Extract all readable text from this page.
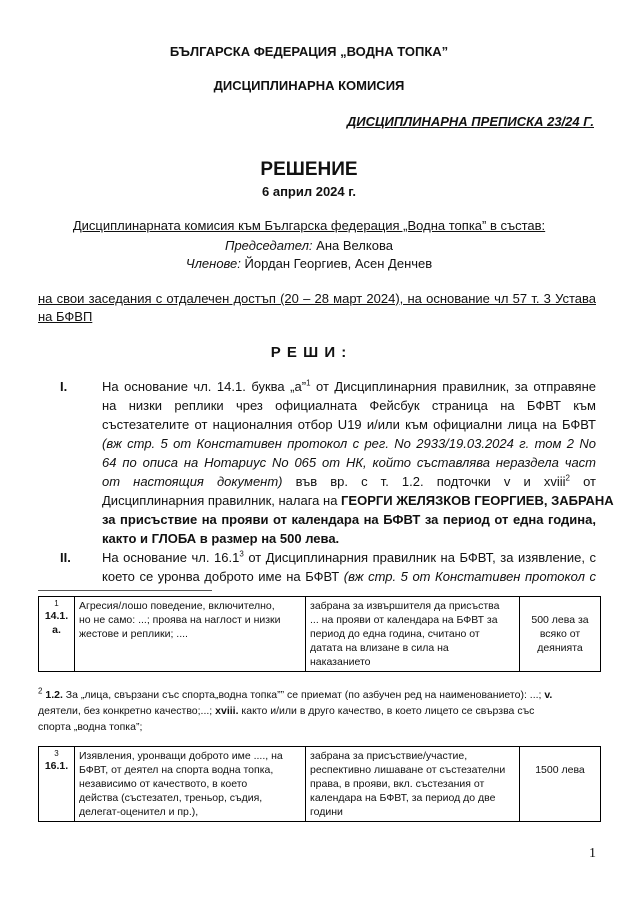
БЪЛГАРСКА ФЕДЕРАЦИЯ „ВОДНА ТОПКА”
ДИСЦИПЛИНАРНА КОМИСИЯ
ДИСЦИПЛИНАРНА ПРЕПИСКА 23/24 Г.
РЕШЕНИЕ
6 април 2024 г.
Дисциплинарната комисия към Българска федерация „Водна топка” в състав:
Председател: Ана Велкова
Членове: Йордан Георгиев, Асен Денчев
на свои заседания с отдалечен достъп (20 – 28 март 2024), на основание чл 57 т. 3 Устава
на БФВП
Р Е Ш И :
I.	На основание чл. 14.1. буква „а”$^1$ от Дисциплинарния правилник, за отправяне
на низки реплики чрез официалната Фейсбук страница на БФВТ към
състезателите от националния отбор U19 и/или към официални лица на БФВТ
(вж стр. 5 от Констативен протокол с рег. No 2933/19.03.2024 г. том 2 No
64 по описа на Нотариус No 065 от НК, който съставлява нераздела част
от настоящия документ) във вр. с т. 1.2. подточки v и xviii$^2$ от
Дисциплинарния правилник, налага на ГЕОРГИ ЖЕЛЯЗКОВ ГЕОРГИЕВ, ЗАБРАНА
за присъствие на прояви от календара на БФВТ за период от една година,
както и ГЛОБА в размер на 500 лева.
II. На основание чл. 16.1$^3$ от Дисциплинарния правилник на БФВТ, за изявление, с
което се уронва доброто име на БФВТ (вж стр. 5 от Констативен протокол с
1
14.1.
а.

Агресия/лошо поведение, включително,
но не само: ...; проява на наглост и низки
жестове и реплики; ....

забрана за извършителя да присъства
... на прояви от календара на БФВТ за
период до една година, считано от
датата на влизане в сила на
наказанието

500 лева за
всяко от
деянията
$^2$ 1.2. За „лица, свързани със спорта„водна топка”” се приемат (по азбучен ред на наименованието): ...; v.
деятели, без конкретно качество;...; xviii. както и/или в друго качество, в което лицето се свързва със
спорта „водна топка”;
3
16.1.

Изявления, уронващи доброто име ...., на
БФВТ, от деятел на спорта водна топка,
независимо от качеството, в което
действа (състезател, треньор, съдия,
делегат-оценител и пр.),

забрана за присъствие/участие,
респективно лишаване от състезателни
права, в прояви, вкл. състезания от
календара на БФВТ, за период до две
години

1500 лева
1
